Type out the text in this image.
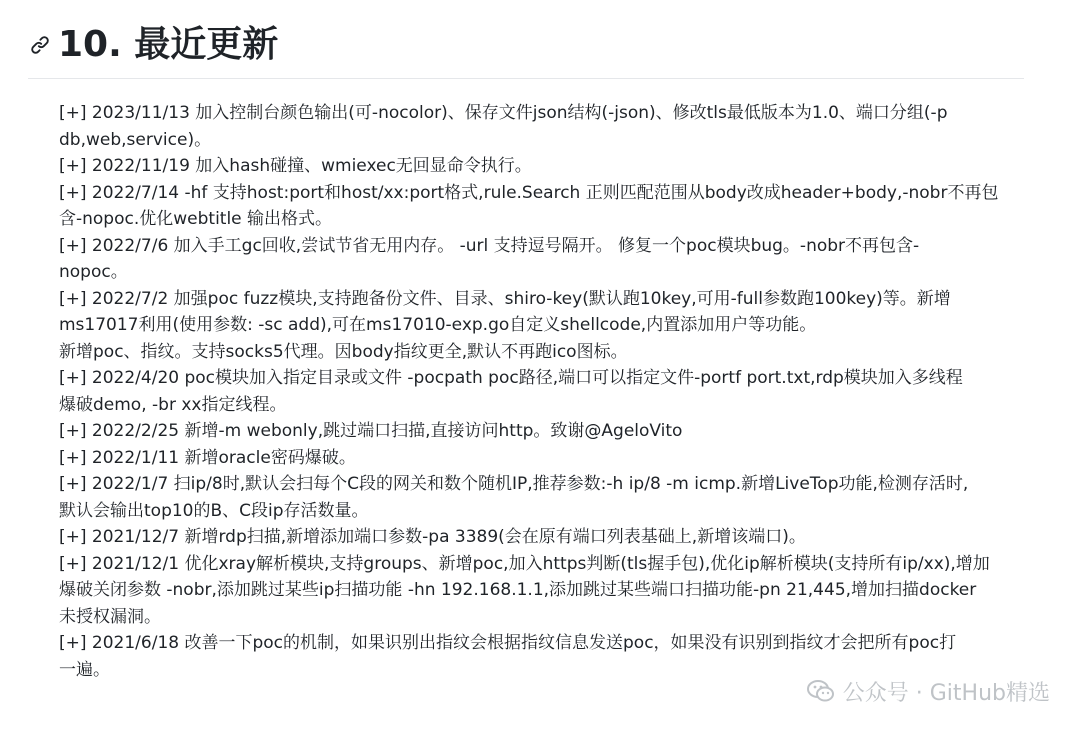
10. 最近更新
[+] 2023/11/13 加入控制台颜色输出(可-nocolor)、保存文件json结构(-json)、修改tls最低版本为1.0、端口分组(-p
db,web,service)。
[+] 2022/11/19 加入hash碰撞、wmiexec无回显命令执行。
[+] 2022/7/14 -hf 支持host:port和host/xx:port格式,rule.Search 正则匹配范围从body改成header+body,-nobr不再包
含-nopoc.优化webtitle 输出格式。
[+] 2022/7/6 加入手工gc回收,尝试节省无用内存。 -url 支持逗号隔开。 修复一个poc模块bug。-nobr不再包含-
nopoc。
[+] 2022/7/2 加强poc fuzz模块,支持跑备份文件、目录、shiro-key(默认跑10key,可用-full参数跑100key)等。新增
ms17017利用(使用参数: -sc add),可在ms17010-exp.go自定义shellcode,内置添加用户等功能。
新增poc、指纹。支持socks5代理。因body指纹更全,默认不再跑ico图标。
[+] 2022/4/20 poc模块加入指定目录或文件 -pocpath poc路径,端口可以指定文件-portf port.txt,rdp模块加入多线程
爆破demo, -br xx指定线程。
[+] 2022/2/25 新增-m webonly,跳过端口扫描,直接访问http。致谢@AgeloVito
[+] 2022/1/11 新增oracle密码爆破。
[+] 2022/1/7 扫ip/8时,默认会扫每个C段的网关和数个随机IP,推荐参数:-h ip/8 -m icmp.新增LiveTop功能,检测存活时,
默认会输出top10的B、C段ip存活数量。
[+] 2021/12/7 新增rdp扫描,新增添加端口参数-pa 3389(会在原有端口列表基础上,新增该端口)。
[+] 2021/12/1 优化xray解析模块,支持groups、新增poc,加入https判断(tls握手包),优化ip解析模块(支持所有ip/xx),增加
爆破关闭参数 -nobr,添加跳过某些ip扫描功能 -hn 192.168.1.1,添加跳过某些端口扫描功能-pn 21,445,增加扫描docker
未授权漏洞。
[+] 2021/6/18 改善一下poc的机制，如果识别出指纹会根据指纹信息发送poc，如果没有识别到指纹才会把所有poc打
一遍。
公众号 · GitHub精选
